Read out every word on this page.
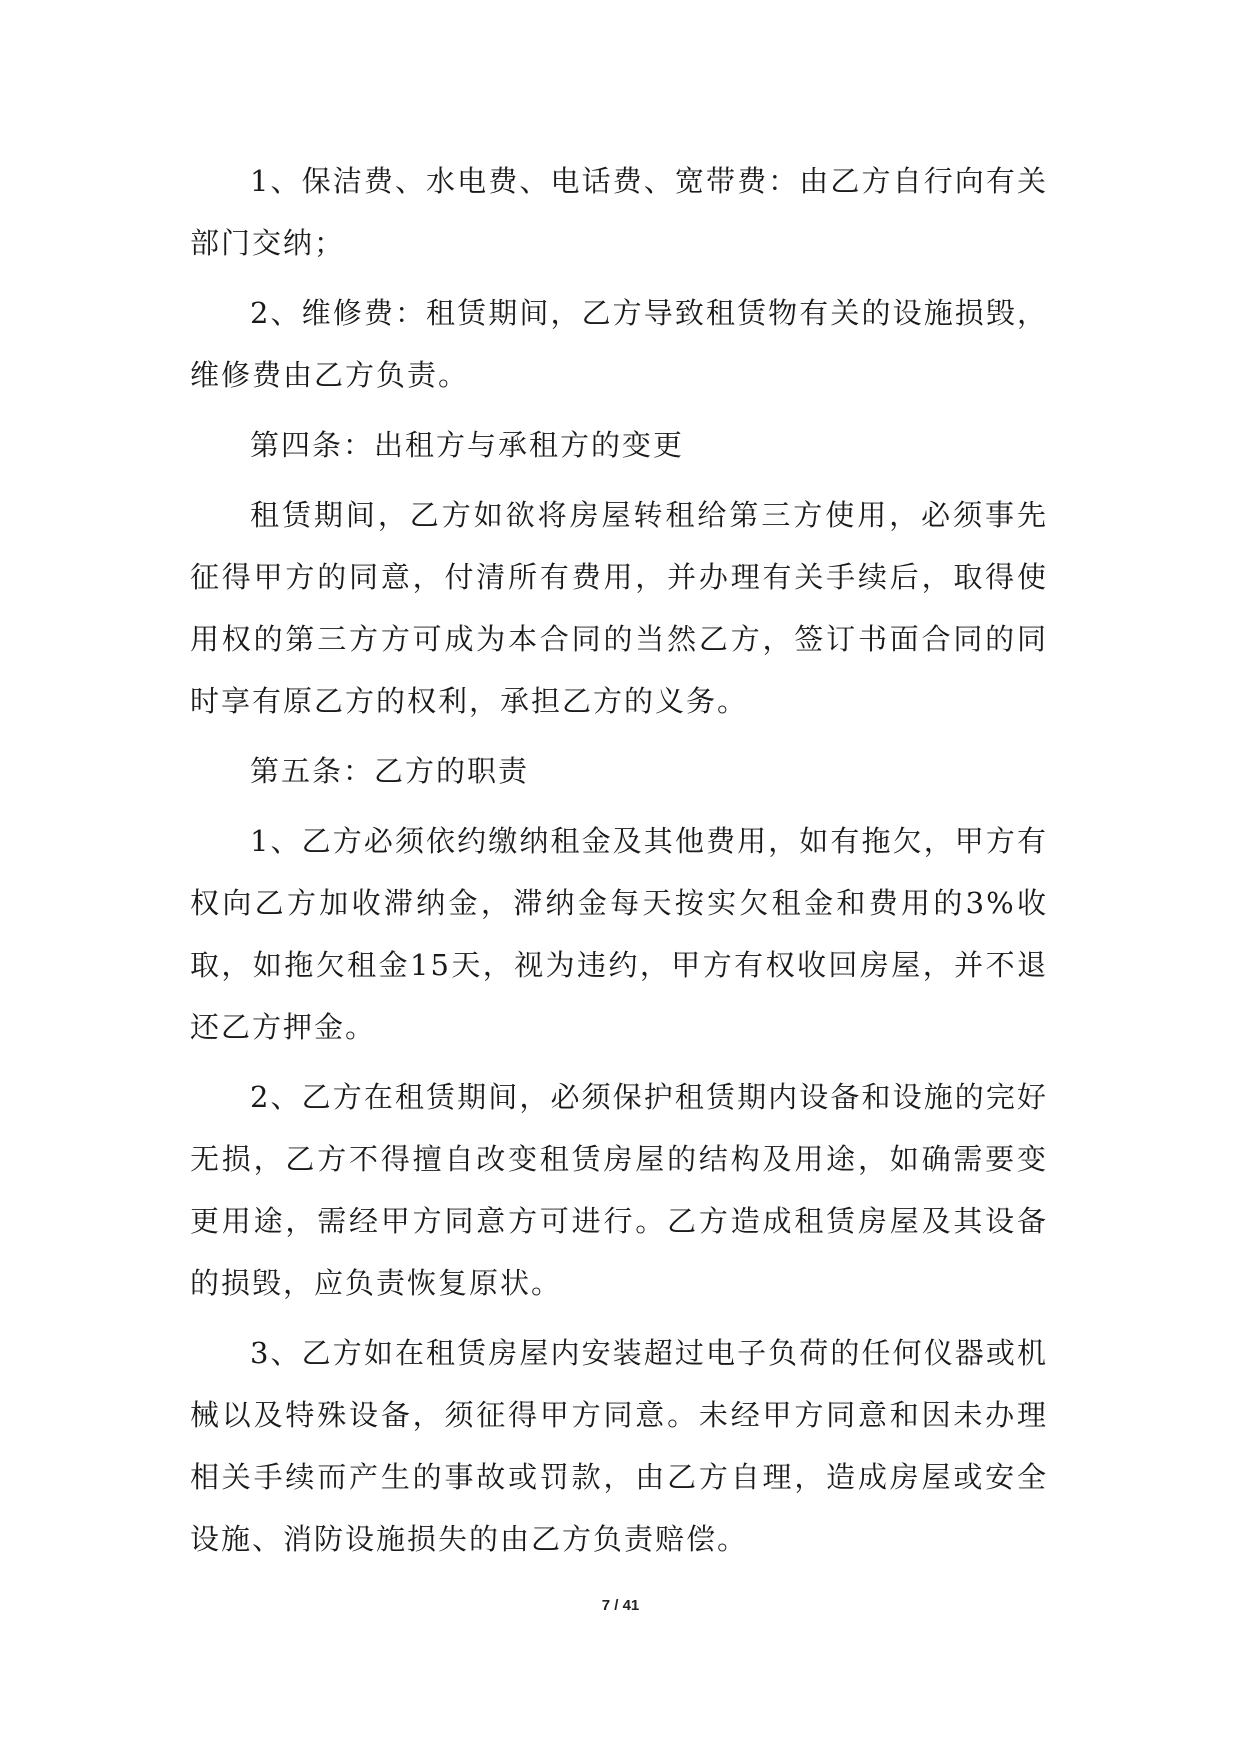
1、保洁费、水电费、电话费、宽带费：由乙方自行向有关部门交纳；

2、维修费：租赁期间，乙方导致租赁物有关的设施损毁，维修费由乙方负责。

第四条：出租方与承租方的变更

租赁期间，乙方如欲将房屋转租给第三方使用，必须事先征得甲方的同意，付清所有费用，并办理有关手续后，取得使用权的第三方方可成为本合同的当然乙方，签订书面合同的同时享有原乙方的权利，承担乙方的义务。

第五条：乙方的职责

1、乙方必须依约缴纳租金及其他费用，如有拖欠，甲方有权向乙方加收滞纳金，滞纳金每天按实欠租金和费用的3%收取，如拖欠租金15天，视为违约，甲方有权收回房屋，并不退还乙方押金。

2、乙方在租赁期间，必须保护租赁期内设备和设施的完好无损，乙方不得擅自改变租赁房屋的结构及用途，如确需要变更用途，需经甲方同意方可进行。乙方造成租赁房屋及其设备的损毁，应负责恢复原状。

3、乙方如在租赁房屋内安装超过电子负荷的任何仪器或机械以及特殊设备，须征得甲方同意。未经甲方同意和因未办理相关手续而产生的事故或罚款，由乙方自理，造成房屋或安全设施、消防设施损失的由乙方负责赔偿。

7 / 41
